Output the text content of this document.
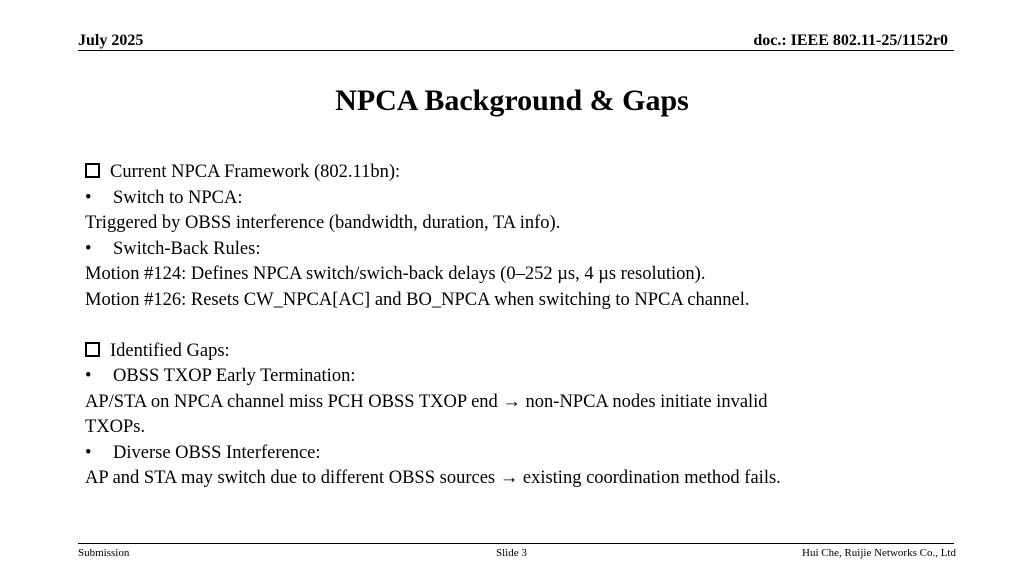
July 2025	doc.: IEEE 802.11-25/1152r0
NPCA Background & Gaps
Current NPCA Framework (802.11bn):
• Switch to NPCA:
Triggered by OBSS interference (bandwidth, duration, TA info).
• Switch-Back Rules:
Motion #124: Defines NPCA switch/swich-back delays (0–252 µs, 4 µs resolution).
Motion #126: Resets CW_NPCA[AC] and BO_NPCA when switching to NPCA channel.
Identified Gaps:
• OBSS TXOP Early Termination:
AP/STA on NPCA channel miss PCH OBSS TXOP end → non-NPCA nodes initiate invalid
TXOPs.
• Diverse OBSS Interference:
AP and STA may switch due to different OBSS sources → existing coordination method fails.
Submission	Slide 3	Hui Che, Ruijie Networks Co., Ltd
